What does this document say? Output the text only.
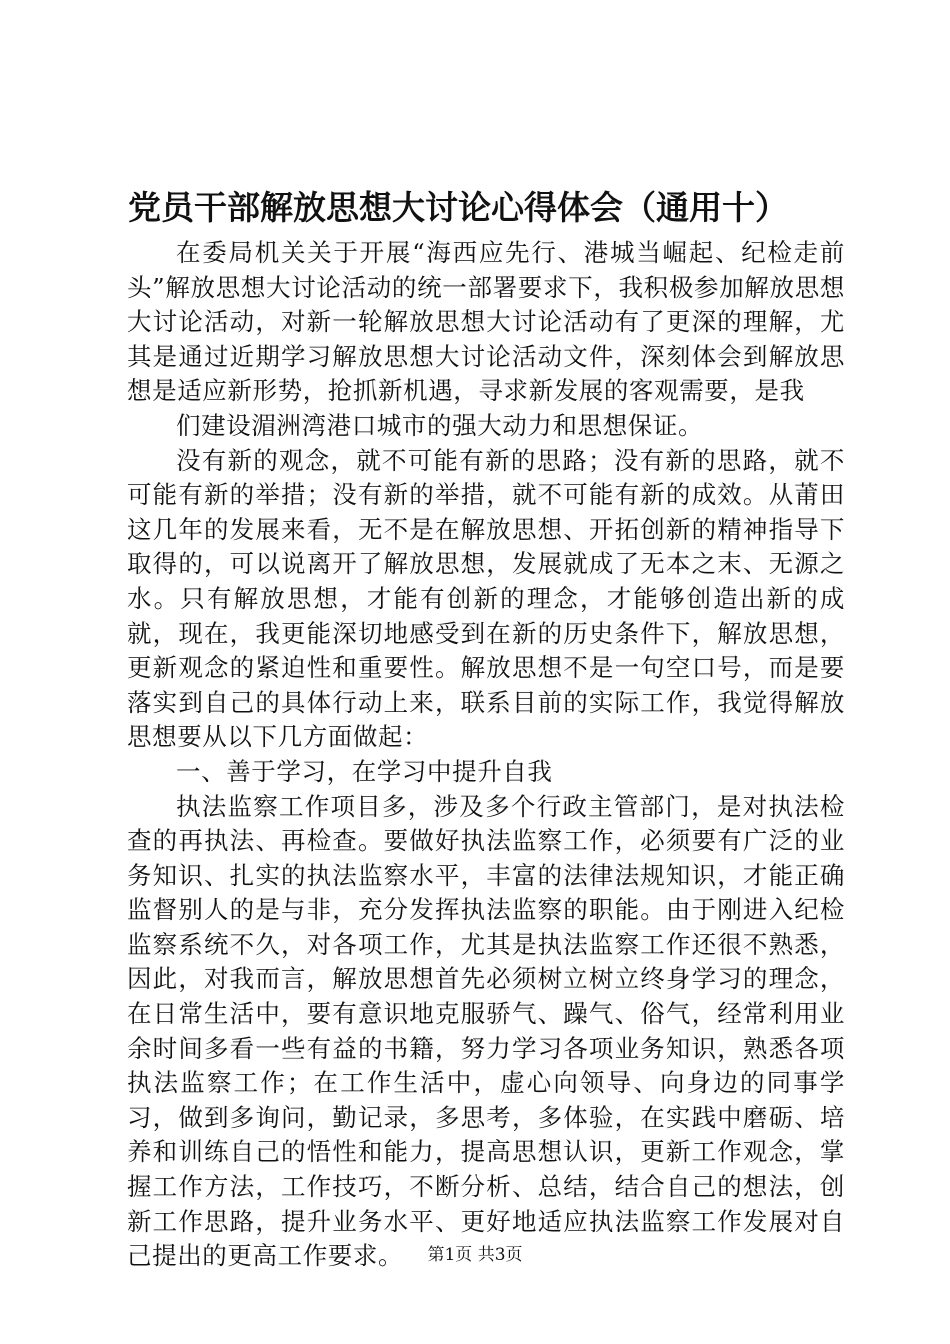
党员干部解放思想大讨论心得体会（通用十）

在委局机关关于开展“海西应先行、港城当崛起、纪检走前头”解放思想大讨论活动的统一部署要求下，我积极参加解放思想大讨论活动，对新一轮解放思想大讨论活动有了更深的理解，尤其是通过近期学习解放思想大讨论活动文件，深刻体会到解放思想是适应新形势，抢抓新机遇，寻求新发展的客观需要，是我

们建设湄洲湾港口城市的强大动力和思想保证。

没有新的观念，就不可能有新的思路；没有新的思路，就不可能有新的举措；没有新的举措，就不可能有新的成效。从莆田这几年的发展来看，无不是在解放思想、开拓创新的精神指导下取得的，可以说离开了解放思想，发展就成了无本之末、无源之水。只有解放思想，才能有创新的理念，才能够创造出新的成就，现在，我更能深切地感受到在新的历史条件下，解放思想，更新观念的紧迫性和重要性。解放思想不是一句空口号，而是要落实到自己的具体行动上来，联系目前的实际工作，我觉得解放思想要从以下几方面做起：

一、善于学习，在学习中提升自我

执法监察工作项目多，涉及多个行政主管部门，是对执法检查的再执法、再检查。要做好执法监察工作，必须要有广泛的业务知识、扎实的执法监察水平，丰富的法律法规知识，才能正确监督别人的是与非，充分发挥执法监察的职能。由于刚进入纪检监察系统不久，对各项工作，尤其是执法监察工作还很不熟悉，因此，对我而言，解放思想首先必须树立树立终身学习的理念，在日常生活中，要有意识地克服骄气、躁气、俗气，经常利用业余时间多看一些有益的书籍，努力学习各项业务知识，熟悉各项执法监察工作；在工作生活中，虚心向领导、向身边的同事学习，做到多询问，勤记录，多思考，多体验，在实践中磨砺、培养和训练自己的悟性和能力，提高思想认识，更新工作观念，掌握工作方法，工作技巧，不断分析、总结，结合自己的想法，创新工作思路，提升业务水平、更好地适应执法监察工作发展对自己提出的更高工作要求。	第1页 共3页
